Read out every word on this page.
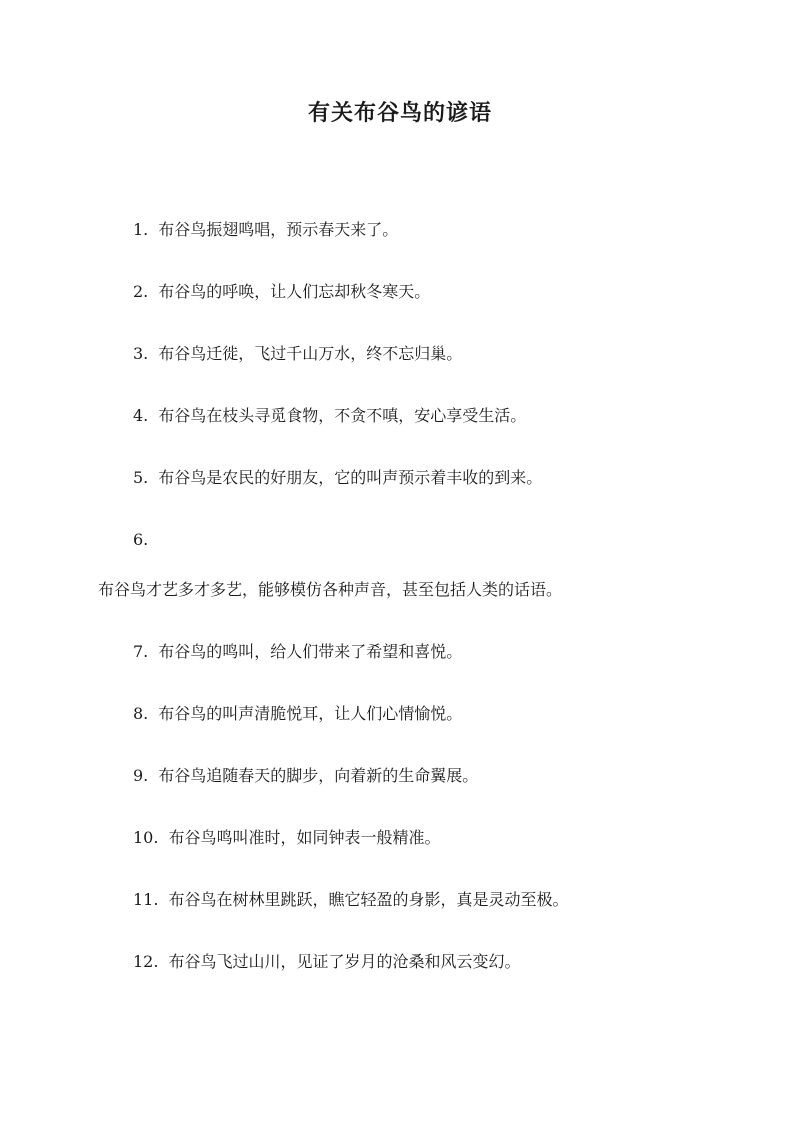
有关布谷鸟的谚语
1. 布谷鸟振翅鸣唱，预示春天来了。
2. 布谷鸟的呼唤，让人们忘却秋冬寒天。
3. 布谷鸟迁徙，飞过千山万水，终不忘归巢。
4. 布谷鸟在枝头寻觅食物，不贪不嗔，安心享受生活。
5. 布谷鸟是农民的好朋友，它的叫声预示着丰收的到来。
6.
布谷鸟才艺多才多艺，能够模仿各种声音，甚至包括人类的话语。
7. 布谷鸟的鸣叫，给人们带来了希望和喜悦。
8. 布谷鸟的叫声清脆悦耳，让人们心情愉悦。
9. 布谷鸟追随春天的脚步，向着新的生命翼展。
10. 布谷鸟鸣叫准时，如同钟表一般精准。
11. 布谷鸟在树林里跳跃，瞧它轻盈的身影，真是灵动至极。
12. 布谷鸟飞过山川，见证了岁月的沧桑和风云变幻。
